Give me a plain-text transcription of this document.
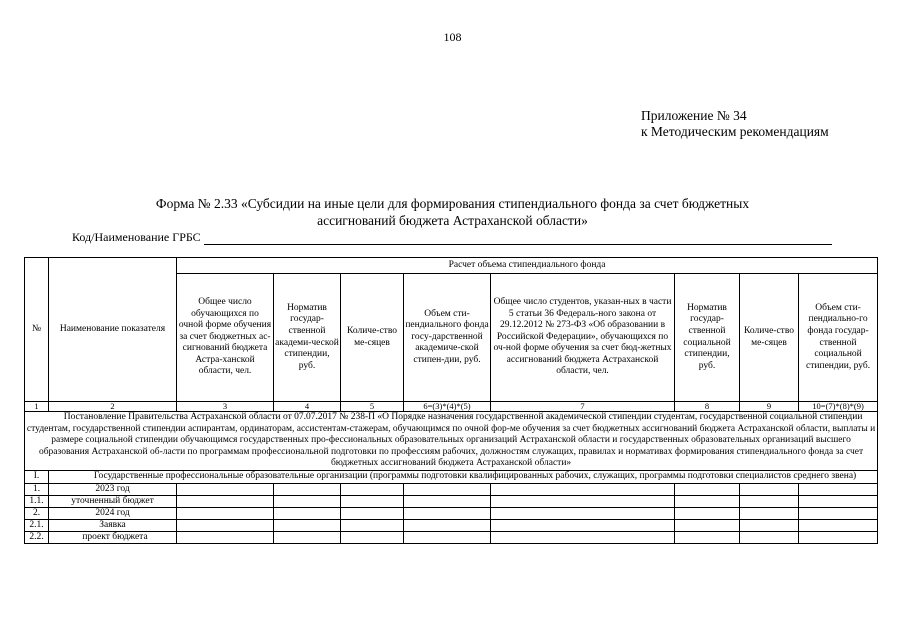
108
Приложение № 34
к Методическим рекомендациям
Форма № 2.33 «Субсидии на иные цели для формирования стипендиального фонда за счет бюджетных
ассигнований бюджета Астраханской области»
Код/Наименование ГРБС
№	Наименование показателя	Расчет объема стипендиального фонда							
		Общее число обучающихся по очной форме обучения за счет бюджетных ас-сигнований бюджета Астра-ханской области, чел.	Норматив государ-ственной академи-ческой стипендии, руб.	Количе-ство ме-сяцев	Объем сти-пендиального фонда госу-дарственной академиче-ской стипен-дии, руб.	Общее число студентов, указан-ных в части 5 статьи 36 Федераль-ного закона от 29.12.2012 № 273-ФЗ «Об образовании в Российской Федерации», обучающихся по оч-ной форме обучения за счет бюд-жетных ассигнований бюджета Астраханской области, чел.	Норматив государ-ственной социальной стипендии, руб.	Количе-ство ме-сяцев	Объем сти-пендиально-го фонда государ-ственной социальной стипендии, руб.
1	2	3	4	5	6=(3)*(4)*(5)	7	8	9	10=(7)*(8)*(9)
Постановление Правительства Астраханской области от 07.07.2017 № 238-П «О Порядке назначения государственной академической стипендии студентам, государственной социальной стипендии студентам, государственной стипендии аспирантам, ординаторам, ассистентам-стажерам, обучающимся по очной фор-ме обучения за счет бюджетных ассигнований бюджета Астраханской области, выплаты и размере социальной стипендии обучающимся государственных про-фессиональных образовательных организаций Астраханской области и государственных образовательных организаций высшего образования Астраханской об-ласти по программам профессиональной подготовки по профессиям рабочих, должностям служащих, правилах и нормативах формирования стипендиального фонда за счет бюджетных ассигнований бюджета Астраханской области»									
I.	Государственные профессиональные образовательные организации (программы подготовки квалифицированных рабочих, служащих, программы подготовки специалистов среднего звена)								
1.	2023 год								
1.1.	уточненный бюджет								
2.	2024 год								
2.1.	Заявка								
2.2.	проект бюджета								
